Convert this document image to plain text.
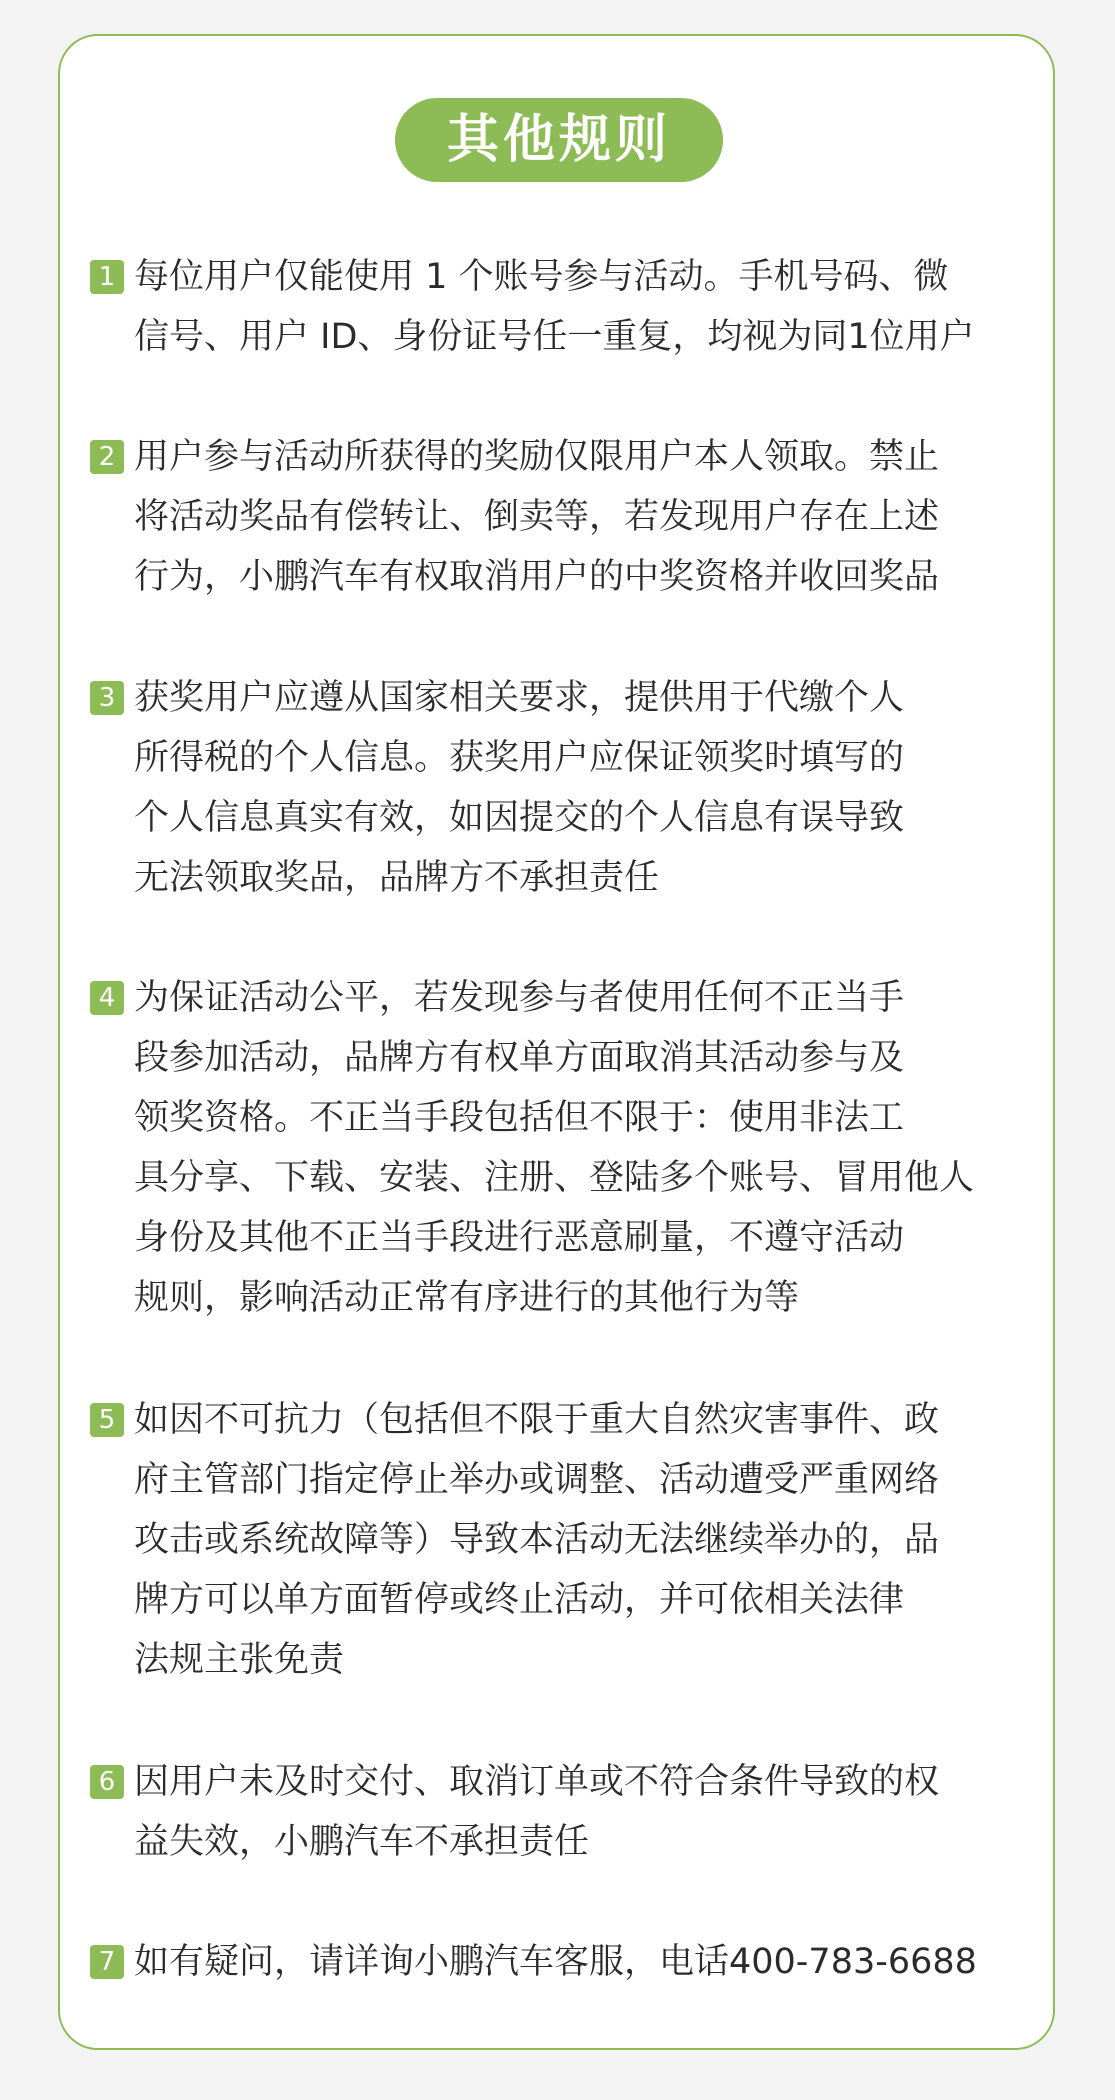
其他规则
1 每位用户仅能使用 1 个账号参与活动。手机号码、微
信号、用户 ID、身份证号任一重复，均视为同1位用户
2 用户参与活动所获得的奖励仅限用户本人领取。禁止
将活动奖品有偿转让、倒卖等，若发现用户存在上述
行为，小鹏汽车有权取消用户的中奖资格并收回奖品
3 获奖用户应遵从国家相关要求，提供用于代缴个人
所得税的个人信息。获奖用户应保证领奖时填写的
个人信息真实有效，如因提交的个人信息有误导致
无法领取奖品，品牌方不承担责任
4 为保证活动公平，若发现参与者使用任何不正当手
段参加活动，品牌方有权单方面取消其活动参与及
领奖资格。不正当手段包括但不限于：使用非法工
具分享、下载、安装、注册、登陆多个账号、冒用他人
身份及其他不正当手段进行恶意刷量，不遵守活动
规则，影响活动正常有序进行的其他行为等
5 如因不可抗力（包括但不限于重大自然灾害事件、政
府主管部门指定停止举办或调整、活动遭受严重网络
攻击或系统故障等）导致本活动无法继续举办的，品
牌方可以单方面暂停或终止活动，并可依相关法律
法规主张免责
6 因用户未及时交付、取消订单或不符合条件导致的权
益失效，小鹏汽车不承担责任
7 如有疑问，请详询小鹏汽车客服，电话400-783-6688
